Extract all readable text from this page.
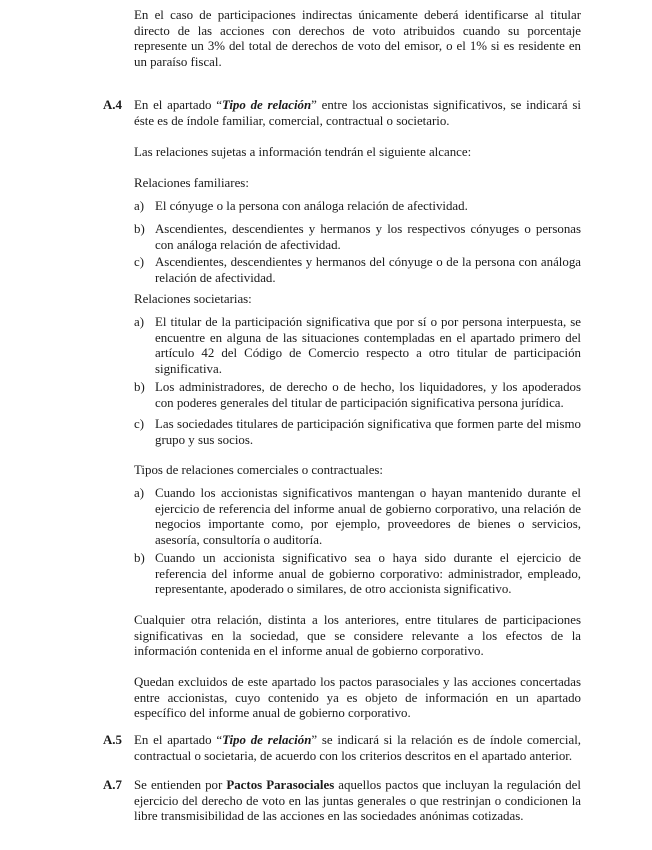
En el caso de participaciones indirectas únicamente deberá identificarse al titular directo de las acciones con derechos de voto atribuidos cuando su porcentaje represente un 3% del total de derechos de voto del emisor, o el 1% si es residente en un paraíso fiscal.

A.4 En el apartado “Tipo de relación” entre los accionistas significativos, se indicará si éste es de índole familiar, comercial, contractual o societario.

Las relaciones sujetas a información tendrán el siguiente alcance:

Relaciones familiares:

a) El cónyuge o la persona con análoga relación de afectividad.
b) Ascendientes, descendientes y hermanos y los respectivos cónyuges o personas con análoga relación de afectividad.
c) Ascendientes, descendientes y hermanos del cónyuge o de la persona con análoga relación de afectividad.

Relaciones societarias:

a) El titular de la participación significativa que por sí o por persona interpuesta, se encuentre en alguna de las situaciones contempladas en el apartado primero del artículo 42 del Código de Comercio respecto a otro titular de participación significativa.
b) Los administradores, de derecho o de hecho, los liquidadores, y los apoderados con poderes generales del titular de participación significativa persona jurídica.
c) Las sociedades titulares de participación significativa que formen parte del mismo grupo y sus socios.

Tipos de relaciones comerciales o contractuales:

a) Cuando los accionistas significativos mantengan o hayan mantenido durante el ejercicio de referencia del informe anual de gobierno corporativo, una relación de negocios importante como, por ejemplo, proveedores de bienes o servicios, asesoría, consultoría o auditoría.
b) Cuando un accionista significativo sea o haya sido durante el ejercicio de referencia del informe anual de gobierno corporativo: administrador, empleado, representante, apoderado o similares, de otro accionista significativo.

Cualquier otra relación, distinta a los anteriores, entre titulares de participaciones significativas en la sociedad, que se considere relevante a los efectos de la información contenida en el informe anual de gobierno corporativo.

Quedan excluidos de este apartado los pactos parasociales y las acciones concertadas entre accionistas, cuyo contenido ya es objeto de información en un apartado específico del informe anual de gobierno corporativo.

A.5 En el apartado “Tipo de relación” se indicará si la relación es de índole comercial, contractual o societaria, de acuerdo con los criterios descritos en el apartado anterior.

A.7 Se entienden por Pactos Parasociales aquellos pactos que incluyan la regulación del ejercicio del derecho de voto en las juntas generales o que restrinjan o condicionen la libre transmisibilidad de las acciones en las sociedades anónimas cotizadas.
